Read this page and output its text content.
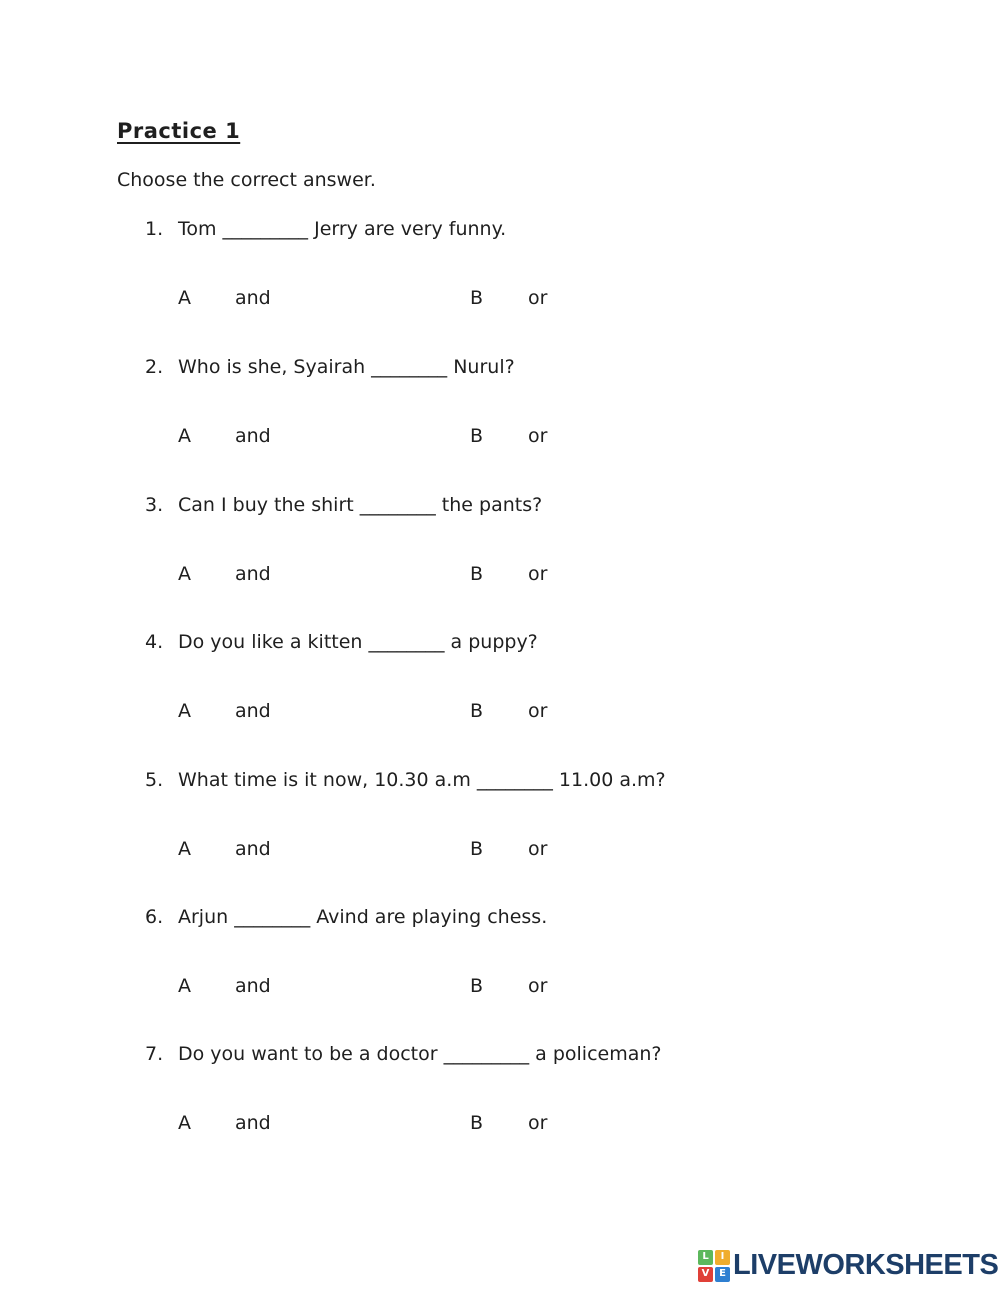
Practice 1
Choose the correct answer.
1. Tom _________ Jerry are very funny.
A	and	B	or
2. Who is she, Syairah ________ Nurul?
A	and	B	or
3. Can I buy the shirt ________ the pants?
A	and	B	or
4. Do you like a kitten ________ a puppy?
A	and	B	or
5. What time is it now, 10.30 a.m ________ 11.00 a.m?
A	and	B	or
6. Arjun ________ Avind are playing chess.
A	and	B	or
7. Do you want to be a doctor _________ a policeman?
A	and	B	or
L	I
V E LIVEWORKSHEETS
